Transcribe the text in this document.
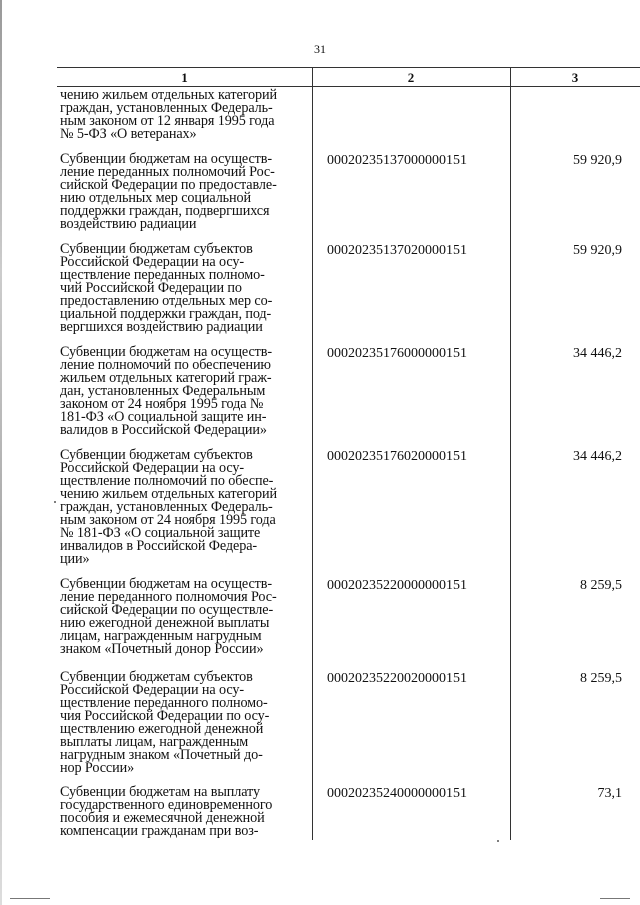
31
1	2	3
чению жильем отдельных категорий
граждан, установленных Федераль-
ным законом от 12 января 1995 года
№ 5-ФЗ «О ветеранах»
Субвенции бюджетам на осуществ-
ление переданных полномочий Рос-
сийской Федерации по предоставле-
нию отдельных мер социальной
поддержки граждан, подвергшихся
воздействию радиации
00020235137000000151	59 920,9
Субвенции бюджетам субъектов
Российской Федерации на осу-
ществление переданных полномо-
чий Российской Федерации по
предоставлению отдельных мер со-
циальной поддержки граждан, под-
вергшихся воздействию радиации
00020235137020000151	59 920,9
Субвенции бюджетам на осуществ-
ление полномочий по обеспечению
жильем отдельных категорий граж-
дан, установленных Федеральным
законом от 24 ноября 1995 года №
181-ФЗ «О социальной защите ин-
валидов в Российской Федерации»
00020235176000000151	34 446,2
Субвенции бюджетам субъектов
Российской Федерации на осу-
ществление полномочий по обеспе-
чению жильем отдельных категорий
граждан, установленных Федераль-
ным законом от 24 ноября 1995 года
№ 181-ФЗ «О социальной защите
инвалидов в Российской Федера-
ции»
00020235176020000151	34 446,2
Субвенции бюджетам на осуществ-
ление переданного полномочия Рос-
сийской Федерации по осуществле-
нию ежегодной денежной выплаты
лицам, награжденным нагрудным
знаком «Почетный донор России»
00020235220000000151	8 259,5
Субвенции бюджетам субъектов
Российской Федерации на осу-
ществление переданного полномо-
чия Российской Федерации по осу-
ществлению ежегодной денежной
выплаты лицам, награжденным
нагрудным знаком «Почетный до-
нор России»
00020235220020000151	8 259,5
Субвенции бюджетам на выплату
государственного единовременного
пособия и ежемесячной денежной
компенсации гражданам при воз-
00020235240000000151	73,1
